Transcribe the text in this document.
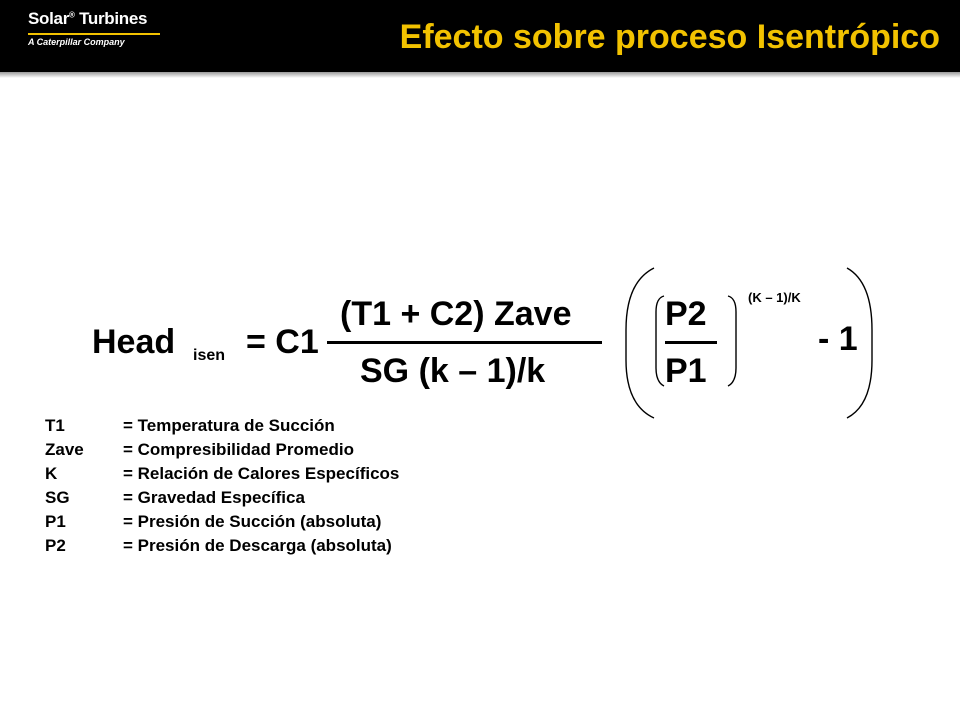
Solar® Turbines
A Caterpillar Company	Efecto sobre proceso Isentrópico
Head isen = C1
(T1 + C2) Zave
SG (k – 1)/k
P2
P1
(K – 1)/K
- 1
T1	= Temperatura de Succión
Zave	= Compresibilidad Promedio
K	= Relación de Calores Específicos
SG	= Gravedad Específica
P1	= Presión de Succión (absoluta)
P2	= Presión de Descarga (absoluta)
